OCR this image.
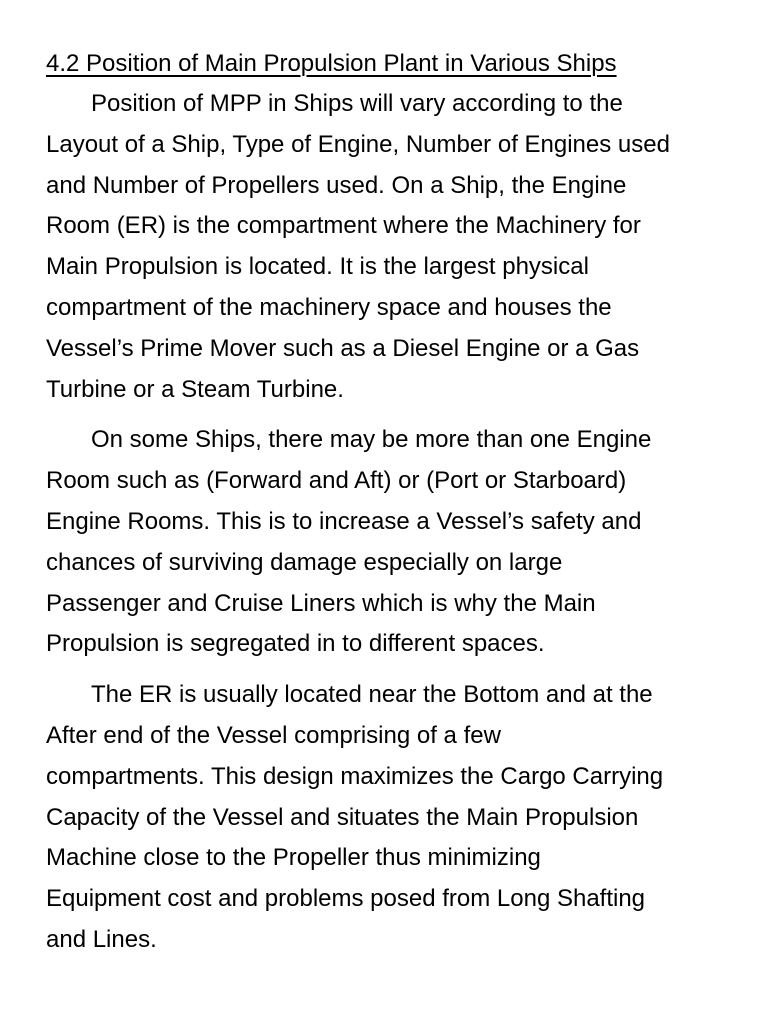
4.2 Position of Main Propulsion Plant in Various Ships

Position of MPP in Ships will vary according to the
Layout of a Ship, Type of Engine, Number of Engines used
and Number of Propellers used. On a Ship, the Engine
Room (ER) is the compartment where the Machinery for
Main Propulsion is located. It is the largest physical
compartment of the machinery space and houses the
Vessel’s Prime Mover such as a Diesel Engine or a Gas
Turbine or a Steam Turbine.

On some Ships, there may be more than one Engine
Room such as (Forward and Aft) or (Port or Starboard)
Engine Rooms. This is to increase a Vessel’s safety and
chances of surviving damage especially on large
Passenger and Cruise Liners which is why the Main
Propulsion is segregated in to different spaces.

The ER is usually located near the Bottom and at the
After end of the Vessel comprising of a few
compartments. This design maximizes the Cargo Carrying
Capacity of the Vessel and situates the Main Propulsion
Machine close to the Propeller thus minimizing
Equipment cost and problems posed from Long Shafting
and Lines.
